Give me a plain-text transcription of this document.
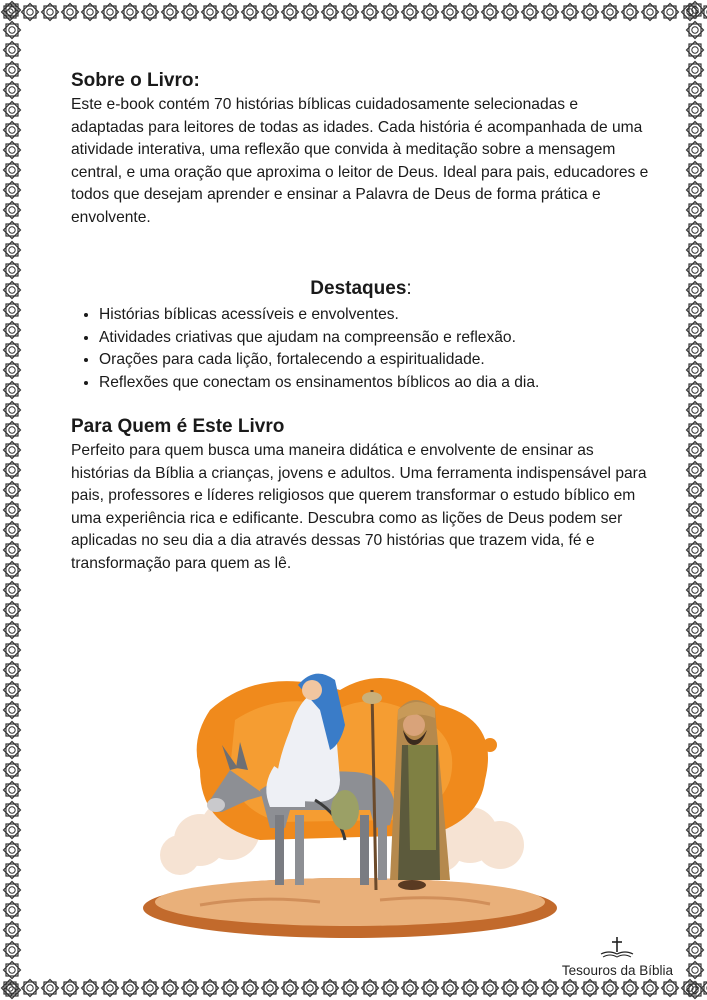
Sobre o Livro:

Este e-book contém 70 histórias bíblicas cuidadosamente selecionadas e adaptadas para leitores de todas as idades. Cada história é acompanhada de uma atividade interativa, uma reflexão que convida à meditação sobre a mensagem central, e uma oração que aproxima o leitor de Deus. Ideal para pais, educadores e todos que desejam aprender e ensinar a Palavra de Deus de forma prática e envolvente.

Destaques:
• Histórias bíblicas acessíveis e envolventes.
• Atividades criativas que ajudam na compreensão e reflexão.
• Orações para cada lição, fortalecendo a espiritualidade.
• Reflexões que conectam os ensinamentos bíblicos ao dia a dia.
Para Quem é Este Livro

Perfeito para quem busca uma maneira didática e envolvente de ensinar as histórias da Bíblia a crianças, jovens e adultos. Uma ferramenta indispensável para pais, professores e líderes religiosos que querem transformar o estudo bíblico em uma experiência rica e edificante. Descubra como as lições de Deus podem ser aplicadas no seu dia a dia através dessas 70 histórias que trazem vida, fé e transformação para quem as lê.

Tesouros da Bíblia
